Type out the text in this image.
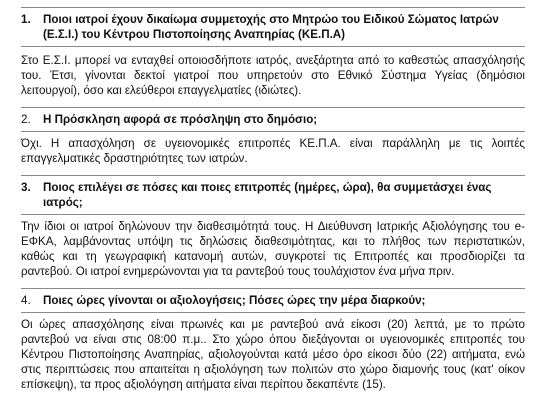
1.	Ποιοι ιατροί έχουν δικαίωμα συμμετοχής στο Μητρώο του Ειδικού Σώματος Ιατρών (Ε.Σ.Ι.) του Κέντρου Πιστοποίησης Αναπηρίας (ΚΕ.Π.Α)

Στο Ε.Σ.Ι. μπορεί να ενταχθεί οποιοσδήποτε ιατρός, ανεξάρτητα από το καθεστώς απασχόλησής του. Έτσι, γίνονται δεκτοί γιατροί που υπηρετούν στο Εθνικό Σύστημα Υγείας (δημόσιοι λειτουργοί), όσο και ελεύθεροι επαγγελματίες (ιδιώτες).

2.	Η Πρόσκληση αφορά σε πρόσληψη στο δημόσιο;

Όχι. Η απασχόληση σε υγειονομικές επιτροπές ΚΕ.Π.Α. είναι παράλληλη με τις λοιπές επαγγελματικές δραστηριότητες των ιατρών.

3.	Ποιος επιλέγει σε πόσες και ποιες επιτροπές (ημέρες, ώρα), θα συμμετάσχει ένας ιατρός;

Την ίδιοι οι ιατροί δηλώνουν την διαθεσιμότητά τους. Η Διεύθυνση Ιατρικής Αξιολόγησης του e-ΕΦΚΑ, λαμβάνοντας υπόψη τις δηλώσεις διαθεσιμότητας, και το πλήθος των περιστατικών, καθώς και τη γεωγραφική κατανομή αυτών, συγκροτεί τις Επιτροπές και προσδιορίζει τα ραντεβού. Οι ιατροί ενημερώνονται για τα ραντεβού τους τουλάχιστον ένα μήνα πριν.

4.	Ποιες ώρες γίνονται οι αξιολογήσεις; Πόσες ώρες την μέρα διαρκούν;

Οι ώρες απασχόλησης είναι πρωινές και με ραντεβού ανά είκοσι (20) λεπτά, με το πρώτο ραντεβού να είναι στις 08:00 π.μ.. Στο χώρο όπου διεξάγονται οι υγειονομικές επιτροπές του Κέντρου Πιστοποίησης Αναπηρίας, αξιολογούνται κατά μέσο όρο είκοσι δύο (22) αιτήματα, ενώ στις περιπτώσεις που απαιτείται η αξιολόγηση των πολιτών στο χώρο διαμονής τους (κατ' οίκον επίσκεψη), τα προς αξιολόγηση αιτήματα είναι περίπου δεκαπέντε (15).
